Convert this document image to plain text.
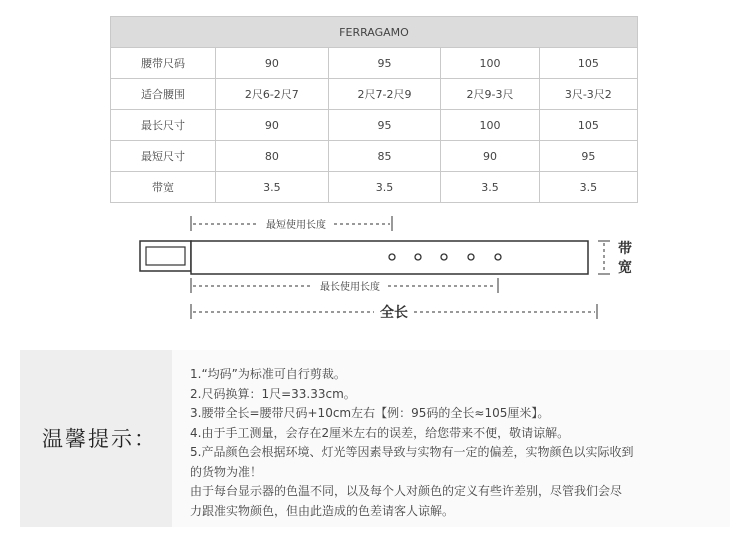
FERRAGAMO				
腰带尺码	90	95	100	105
适合腰围	2尺6-2尺7	2尺7-2尺9	2尺9-3尺	3尺-3尺2
最长尺寸	90	95	100	105
最短尺寸	80	85	90	95
带宽	3.5	3.5	3.5	3.5
最短使用长度
带
宽
最长使用长度
全长
温馨提示：
1.“均码”为标准可自行剪裁。
2.尺码换算：1尺=33.33cm。
3.腰带全长=腰带尺码+10cm左右【例：95码的全长≈105厘米】。
4.由于手工测量，会存在2厘米左右的误差，给您带来不便，敬请谅解。
5.产品颜色会根据环境、灯光等因素导致与实物有一定的偏差，实物颜色以实际收到
的货物为准！
由于每台显示器的色温不同，以及每个人对颜色的定义有些许差别，尽管我们会尽
力跟准实物颜色，但由此造成的色差请客人谅解。
